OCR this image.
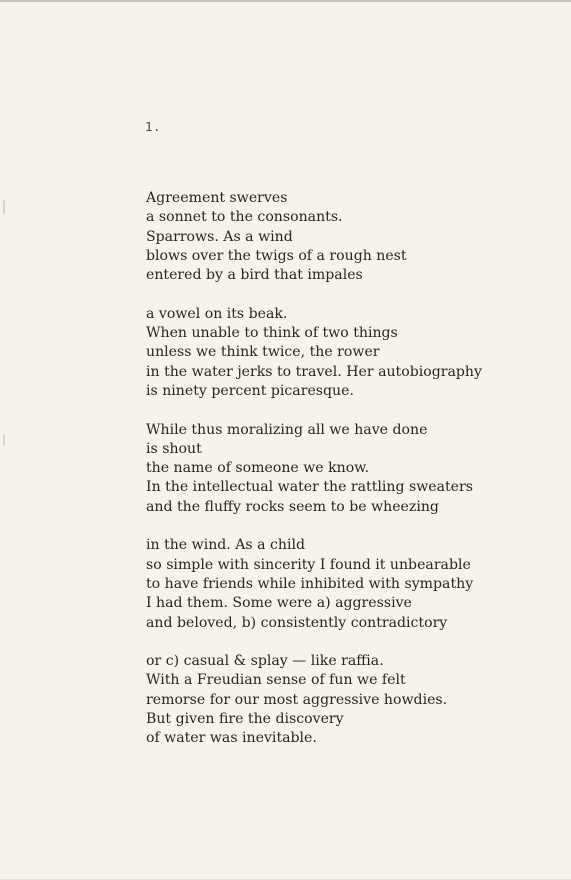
1.
Agreement swerves
a sonnet to the consonants.
Sparrows. As a wind
blows over the twigs of a rough nest
entered by a bird that impales
a vowel on its beak.
When unable to think of two things
unless we think twice, the rower
in the water jerks to travel. Her autobiography
is ninety percent picaresque.
While thus moralizing all we have done
is shout
the name of someone we know.
In the intellectual water the rattling sweaters
and the fluffy rocks seem to be wheezing
in the wind. As a child
so simple with sincerity I found it unbearable
to have friends while inhibited with sympathy
I had them. Some were a) aggressive
and beloved, b) consistently contradictory
or c) casual & splay — like raffia.
With a Freudian sense of fun we felt
remorse for our most aggressive howdies.
But given fire the discovery
of water was inevitable.
